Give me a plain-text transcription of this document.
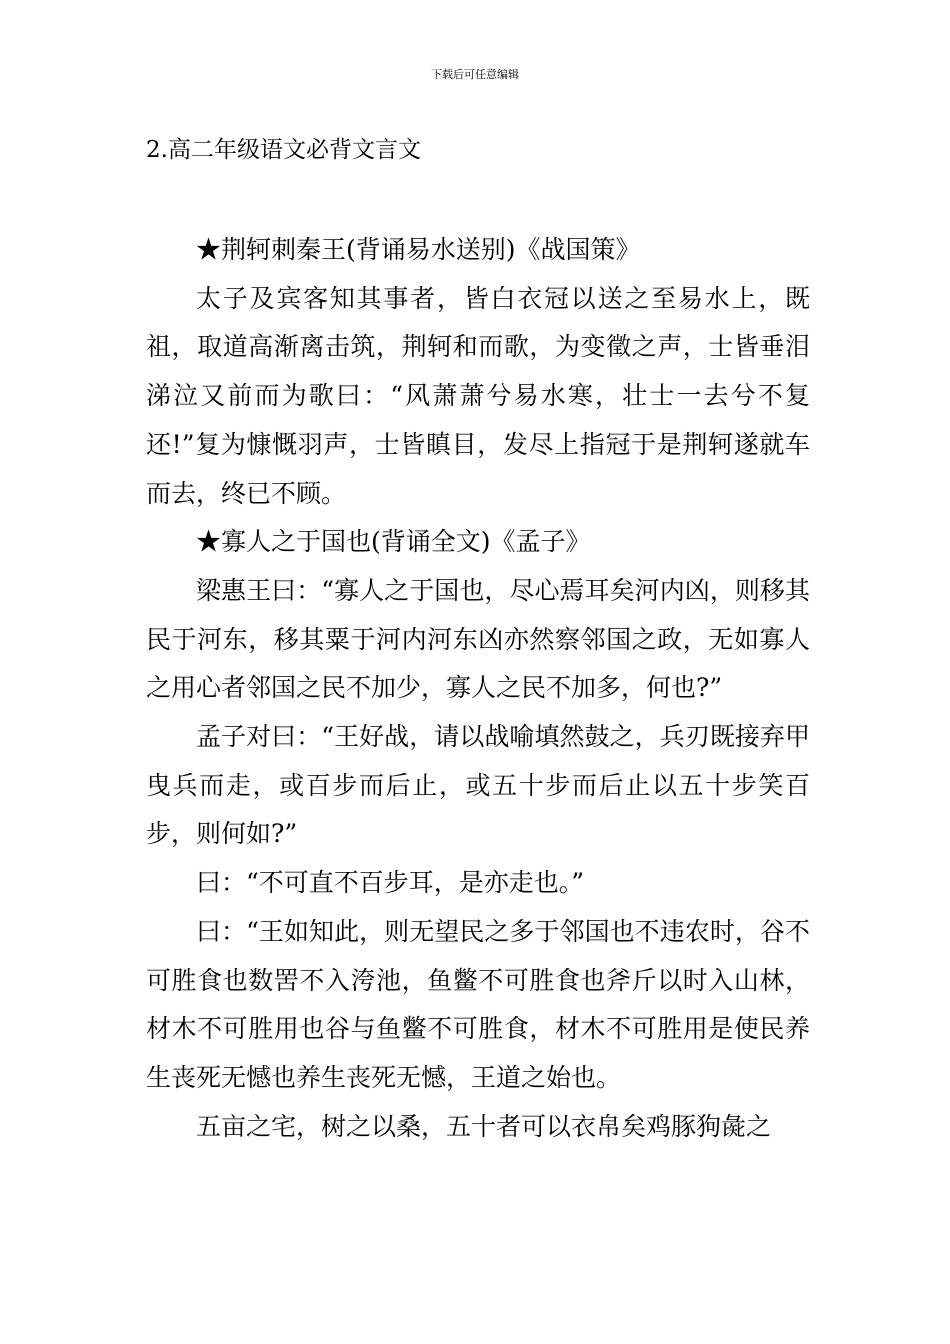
下载后可任意编辑
2.高二年级语文必背文言文

★荆轲刺秦王(背诵易水送别)《战国策》

太子及宾客知其事者，皆白衣冠以送之至易水上，既祖，取道高渐离击筑，荆轲和而歌，为变徵之声，士皆垂泪涕泣又前而为歌曰：“风萧萧兮易水寒，壮士一去兮不复还!”复为慷慨羽声，士皆瞋目，发尽上指冠于是荆轲遂就车而去，终已不顾。

★寡人之于国也(背诵全文)《孟子》

梁惠王曰：“寡人之于国也，尽心焉耳矣河内凶，则移其民于河东，移其粟于河内河东凶亦然察邻国之政，无如寡人之用心者邻国之民不加少，寡人之民不加多，何也?”

孟子对曰：“王好战，请以战喻填然鼓之，兵刃既接弃甲曳兵而走，或百步而后止，或五十步而后止以五十步笑百步，则何如?”

曰：“不可直不百步耳，是亦走也。”

曰：“王如知此，则无望民之多于邻国也不违农时，谷不可胜食也数罟不入洿池，鱼鳖不可胜食也斧斤以时入山林，材木不可胜用也谷与鱼鳖不可胜食，材木不可胜用是使民养生丧死无憾也养生丧死无憾，王道之始也。

五亩之宅，树之以桑，五十者可以衣帛矣鸡豚狗彘之
